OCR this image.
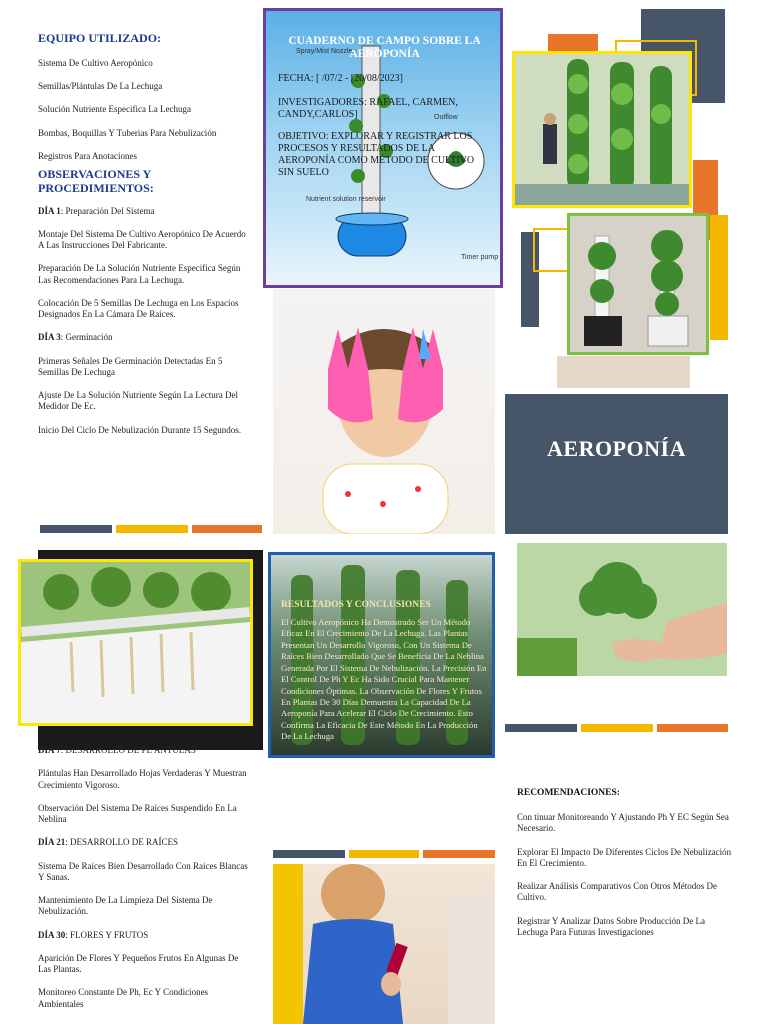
EQUIPO UTILIZADO:

Sistema De Cultivo Aeropónico

Semillas/Plántulas De La Lechuga

Solución Nutriente Especifica La Lechuga

Bombas, Boquillas Y Tuberias Para Nebulización

Registros Para Anotaciones

OBSERVACIONES Y PROCEDIMIENTOS:

DÍA 1: Preparación Del Sistema

Montaje Del Sistema De Cultivo Aeropónico De Acuerdo A Las Instrucciones Del Fabricante.

Preparación De La Solución Nutriente Especifica Según Las Recomendaciones Para La Lechuga.

Colocación De 5 Semillas De Lechuga en Los Espacios Designados En La Cámara De Raíces.

DÍA 3: Germinación

Primeras Señales De Germinación Detectadas En 5 Semillas De Lechuga

Ajuste De La Solución Nutriente Según La Lectura Del Medidor De Ec.

Inicio Del Ciclo De Nebulización Durante 15 Segundos.

Timer pump
Nutrient solution reservoir
Spray/Mist Nozzles
Outflow
CUADERNO DE CAMPO SOBRE LA AEROPONÍA
FECHA: [ /07/2 - [20/08/2023]
INVESTIGADORES: RAFAEL, CARMEN, CANDY,CARLOS]
OBJETIVO: EXPLORAR Y REGISTRAR LOS PROCESOS Y RESULTADOS DE LA AEROPONÍA COMO MÉTODO DE CULTIVO SIN SUELO
AEROPONÍA
RESULTADOS Y CONCLUSIONES
El Cultivo Aeropónico Ha Demostrado Ser Un Método Eficaz En El Crecimiento De La Lechuga. Las Plantas Presentan Un Desarrollo Vigoroso, Con Un Sistema De Raíces Bien Desarrollado Que Se Beneficia De La Neblina Generada Por El Sistema De Nebulización. La Precisión En El Control De Ph Y Ec Ha Sido Crucial Para Mantener Condiciones Óptimas. La Observación De Flores Y Frutos En Plantas De 30 Días Demuestra La Capacidad De La Aeroponía Para Acelerar El Ciclo De Crecimiento. Esto Confirma La Eficacia De Este Método En La Producción De La Lechuga

DÍA 7: DESARROLLO DE PL ÁNTULAS

Plántulas Han Desarrollado Hojas Verdaderas Y Muestran Crecimiento Vigoroso.

Observación Del Sistema De Raíces Suspendido En La Neblina

DÍA 21: DESARROLLO DE RAÍCES

Sistema De Raíces Bien Desarrollado Con Raíces Blancas Y Sanas.

Mantenimiento De La Limpieza Del Sistema De Nebulización.

DÍA 30: FLORES Y FRUTOS

Aparición De Flores Y Pequeños Frutos En Algunas De Las Plantas.

Monitoreo Constante De Ph, Ec Y Condiciones Ambientales

RECOMENDACIONES:

Con tinuar Monitoreando Y Ajustando Ph Y EC Según Sea Necesario.

Explorar El Impacto De Diferentes Ciclos De Nebulización En El Crecimiento.

Realizar Análisis Comparativos Con Otros Métodos De Cultivo.

Registrar Y Analizar Datos Sobre Producción De La Lechuga Para Futuras Investigaciones
